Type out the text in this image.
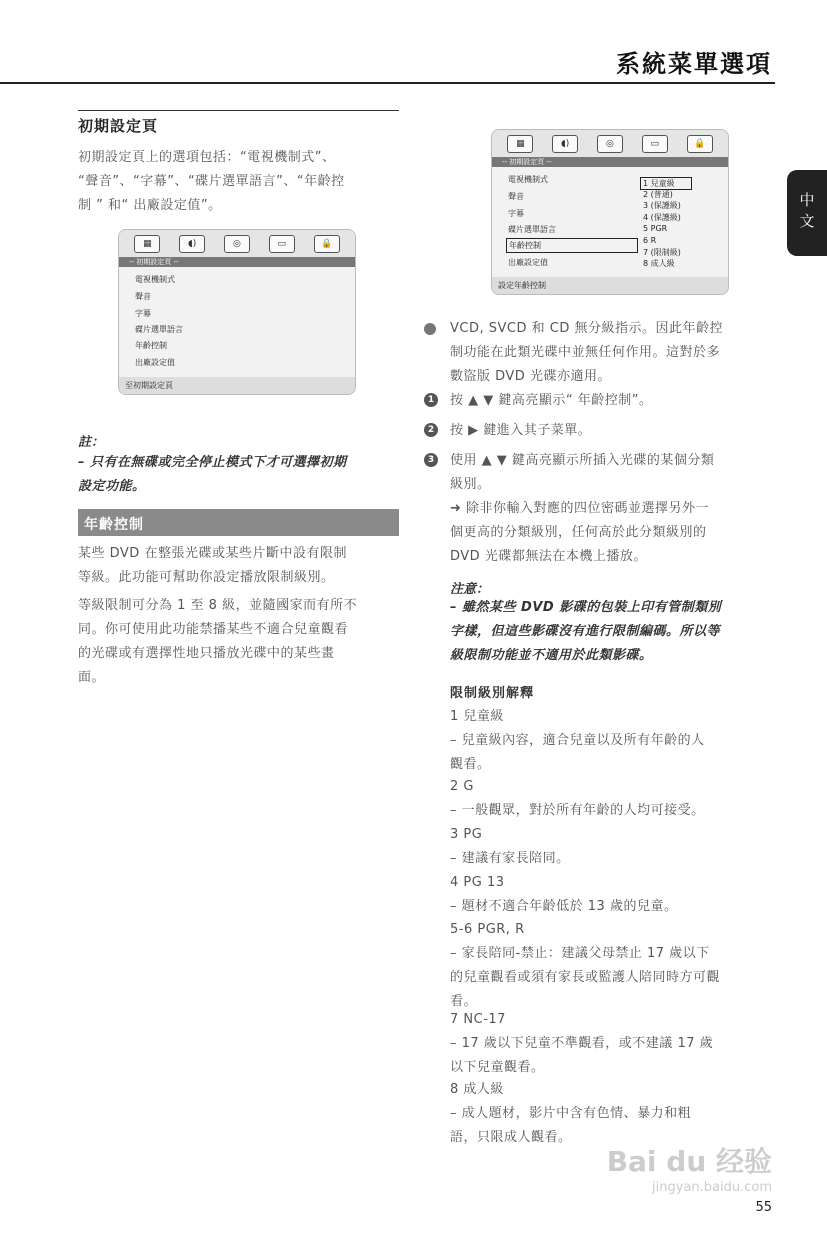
系統菜單選項
中文
初期設定頁
初期設定頁上的選項包括：“電視機制式”、
“聲音”、“字幕”、“碟片選單語言”、“年齡控
制 ” 和“ 出廠設定值”。
▦	◖)	◎	▭	🔒
-- 初期設定頁 --
電視機制式
聲音
字幕
碟片選單語言
年齡控制
出廠設定值
至初期設定頁
註：
– 只有在無碟或完全停止模式下才可選擇初期
設定功能。
年齡控制
某些 DVD 在整張光碟或某些片斷中設有限制
等級。此功能可幫助你設定播放限制級別。
等級限制可分為 1 至 8 級，並隨國家而有所不
同。你可使用此功能禁播某些不適合兒童觀看
的光碟或有選擇性地只播放光碟中的某些畫
面。
▦	◖)	◎	▭	🔒
-- 初期設定頁 --
電視機制式
聲音
字幕
碟片選單語言
年齡控制
出廠設定值
1 兒童級
2 (普通)
3 (保護級)
4 (保護級)
5 PGR
6 R
7 (限制級)
8 成人級
設定年齡控制
VCD, SVCD 和 CD 無分級指示。因此年齡控
制功能在此類光碟中並無任何作用。這對於多
數盜版 DVD 光碟亦適用。
1 按 ▲ ▼ 鍵高亮顯示“ 年齡控制”。
2 按 ▶ 鍵進入其子菜單。
3 使用 ▲ ▼ 鍵高亮顯示所插入光碟的某個分類
級別。
➜ 除非你輸入對應的四位密碼並選擇另外一
個更高的分類級別，任何高於此分類級別的
DVD 光碟都無法在本機上播放。
注意：
– 雖然某些 DVD 影碟的包裝上印有管制類別
字樣，但這些影碟沒有進行限制編碼。所以等
級限制功能並不適用於此類影碟。
限制級別解釋
1 兒童級
– 兒童級內容，適合兒童以及所有年齡的人
觀看。
2 G
– 一般觀眾，對於所有年齡的人均可接受。
3 PG
– 建議有家長陪同。
4 PG 13
– 題材不適合年齡低於 13 歲的兒童。
5-6 PGR, R
– 家長陪同-禁止：建議父母禁止 17 歲以下
的兒童觀看或須有家長或監護人陪同時方可觀
看。
7 NC-17
– 17 歲以下兒童不準觀看，或不建議 17 歲
以下兒童觀看。
8 成人級
– 成人題材，影片中含有色情、暴力和粗
語，只限成人觀看。
Bai du 经验
jingyan.baidu.com
55
